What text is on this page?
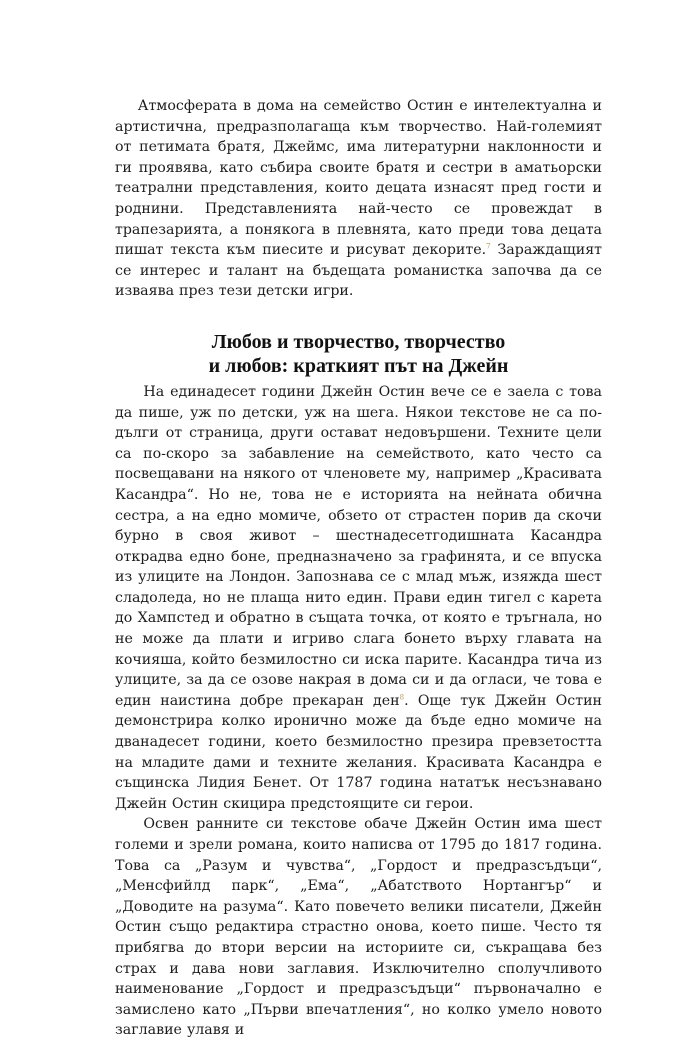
Атмосферата в дома на семейство Остин е интелектуална и артистична, предразполагаща към творчество. Най-големият от петимата братя, Джеймс, има литературни наклонности и ги проявява, като събира своите братя и сестри в аматьорски театрални представления, които децата изнасят пред гости и роднини. Представленията най-често се провеждат в трапезарията, а понякога в плевнята, като преди това децата пишат текста към пиесите и рисуват декорите.$^7$ Зараждащият се интерес и талант на бъдещата романистка започва да се изваява през тези детски игри.

Любов и творчество, творчество
и любов: краткият път на Джейн

На единадесет години Джейн Остин вече се е заела с това да пише, уж по детски, уж на шега. Някои текстове не са по-дълги от страница, други остават недовършени. Техните цели са по-скоро за забавление на семейството, като често са посвещавани на някого от членовете му, например „Красивата Касандра“. Но не, това не е историята на нейната обична сестра, а на едно момиче, обзето от страстен порив да скочи бурно в своя живот – шестнадесетгодишната Касандра открадва едно боне, предназначено за графинята, и се впуска из улиците на Лондон. Запознава се с млад мъж, изяжда шест сладоледа, но не плаща нито един. Прави един тигел с карета до Хампстед и обратно в същата точка, от която е тръгнала, но не може да плати и игриво слага бонето върху главата на кочияша, който безмилостно си иска парите. Касандра тича из улиците, за да се озове накрая в дома си и да огласи, че това е един наистина добре прекаран ден$^8$. Още тук Джейн Остин демонстрира колко иронично може да бъде едно момиче на дванадесет години, което безмилостно презира превзетостта на младите дами и техните желания. Красивата Касандра е същинска Лидия Бенет. От 1787 година нататък несъзнавано Джейн Остин скицира предстоящите си герои.

Освен ранните си текстове обаче Джейн Остин има шест големи и зрели романа, които написва от 1795 до 1817 година. Това са „Разум и чувства“, „Гордост и предразсъдъци“, „Менсфийлд парк“, „Ема“, „Абатството Нортангър“ и „Доводите на разума“. Като повечето велики писатели, Джейн Остин също редактира страстно онова, което пише. Често тя прибягва до втори версии на историите си, съкращава без страх и дава нови заглавия. Изключително сполучливото наименование „Гордост и предразсъдъци“ първоначално е замислено като „Първи впечатления“, но колко умело новото заглавие улавя и
